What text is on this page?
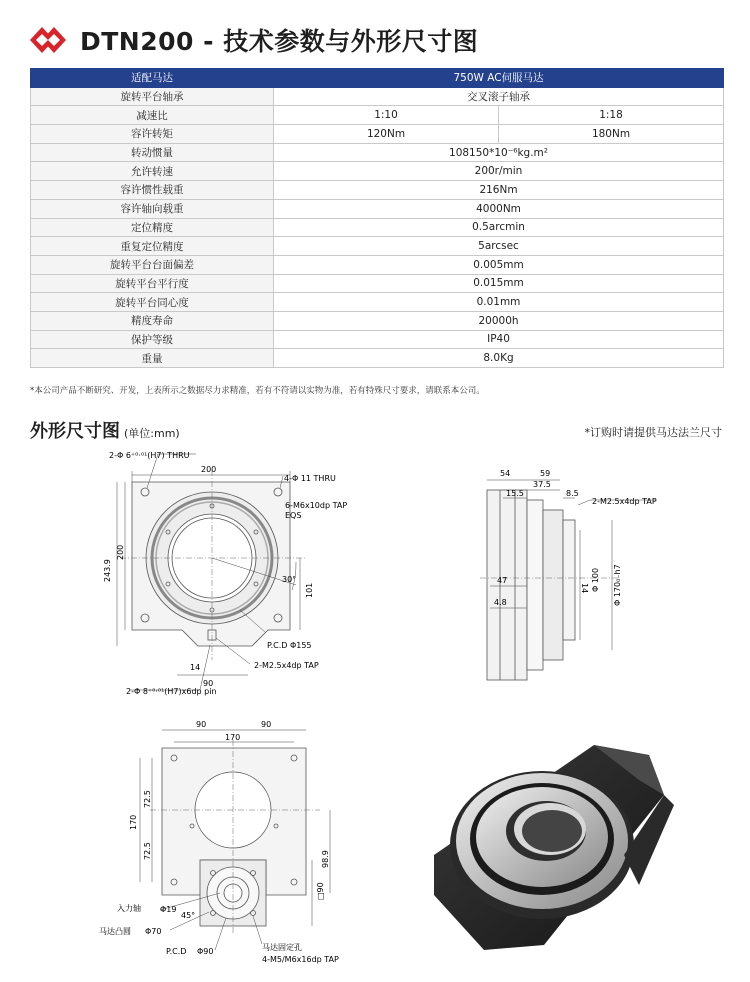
DTN200 - 技术参数与外形尺寸图
适配马达	750W AC伺服马达	
旋转平台轴承	交叉滚子轴承	
减速比	1:10	1:18
容许转矩	120Nm	180Nm
转动惯量	108150*10⁻⁶kg.m²	
允许转速	200r/min	
容许惯性载重	216Nm	
容许轴向载重	4000Nm	
定位精度	0.5arcmin	
重复定位精度	5arcsec	
旋转平台台面偏差	0.005mm	
旋转平台平行度	0.015mm	
旋转平台同心度	0.01mm	
精度寿命	20000h	
保护等级	IP40	
重量	8.0Kg	
*本公司产品不断研究、开发，上表所示之数据尽力求精准，若有不符请以实物为准，若有特殊尺寸要求，请联系本公司。
外形尺寸图 (单位:mm)	*订购时请提供马达法兰尺寸
2-Φ 6⁺⁰·⁰¹(H7) THRU
200
4-Φ 11 THRU
6-M6x10dp TAP
EQS
200
243.9	30°
101
P.C.D Φ155
14	2-M2.5x4dp TAP
90
2-Φ 8⁺⁰·⁰¹(H7)x6dp pin
54	59
37.5
15.5	8.5
2-M2.5x4dp TAP
47
14 Φ 100 Φ 170₀₋h7
4.8
90	90
170
72.5
170
72.5	98.9
□90
45°
入力轴 Φ19
马达凸圆 Φ70
P.C.D Φ90	马达固定孔
4-M5/M6x16dp TAP
